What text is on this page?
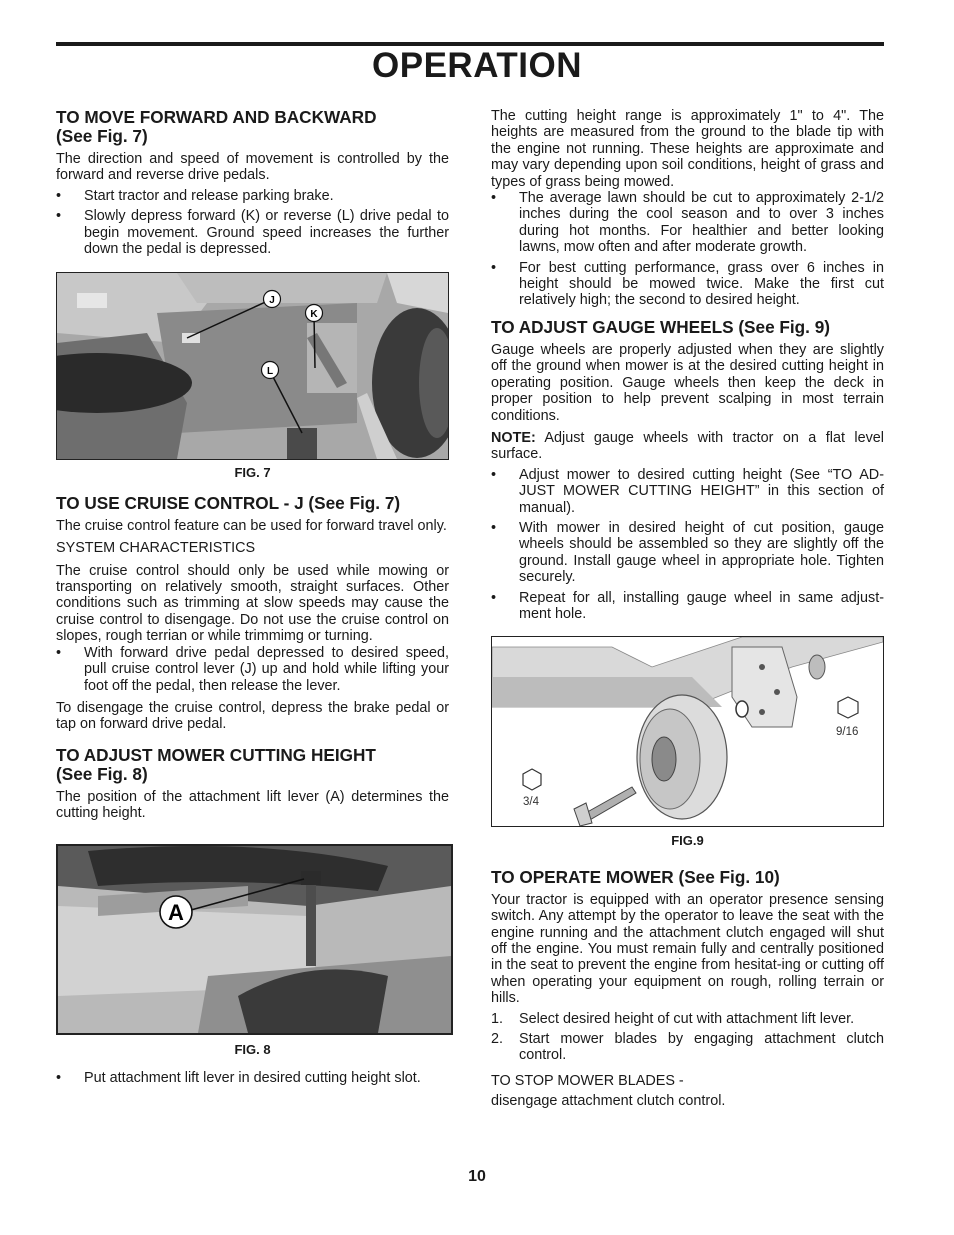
OPERATION
TO MOVE FORWARD AND BACKWARD
(See Fig. 7)

The direction and speed of movement is controlled by the forward and reverse drive pedals.

• Start tractor and release parking brake.
• Slowly depress forward (K) or reverse (L) drive pedal to begin movement. Ground speed increases the further down the pedal is depressed.
J
K
L
FIG. 7
TO USE CRUISE CONTROL - J (See Fig. 7)

The cruise control feature can be used for forward travel only.

SYSTEM CHARACTERISTICS

The cruise control should only be used while mowing or transporting on relatively smooth, straight surfaces. Other conditions such as trimming at slow speeds may cause the cruise control to disengage. Do not use the cruise control on slopes, rough terrian or while trimmimg or turning.

• With forward drive pedal depressed to desired speed, pull cruise control lever (J) up and hold while lifting your foot off the pedal, then release the lever.

To disengage the cruise control, depress the brake pedal or tap on forward drive pedal.

TO ADJUST MOWER CUTTING HEIGHT
(See Fig. 8)

The position of the attachment lift lever (A) determines the cutting height.

A
FIG. 8
• Put attachment lift lever in desired cutting height slot.

The cutting height range is approximately 1" to 4". The heights are measured from the ground to the blade tip with the engine not running. These heights are approximate and may vary depending upon soil conditions, height of grass and types of grass being mowed.

• The average lawn should be cut to approximately 2-1/2 inches during the cool season and to over 3 inches during hot months. For healthier and better looking lawns, mow often and after moderate growth.
• For best cutting performance, grass over 6 inches in height should be mowed twice. Make the first cut relatively high; the second to desired height.
TO ADJUST GAUGE WHEELS (See Fig. 9)

Gauge wheels are properly adjusted when they are slightly off the ground when mower is at the desired cutting height in operating position. Gauge wheels then keep the deck in proper position to help prevent scalping in most terrain conditions.

NOTE: Adjust gauge wheels with tractor on a flat level surface.

• Adjust mower to desired cutting height (See “TO AD-JUST MOWER CUTTING HEIGHT” in this section of manual).
• With mower in desired height of cut position, gauge wheels should be assembled so they are slightly off the ground. Install gauge wheel in appropriate hole. Tighten securely.
• Repeat for all, installing gauge wheel in same adjust-ment hole.
9/16
3/4
FIG.9
TO OPERATE MOWER (See Fig. 10)

Your tractor is equipped with an operator presence sensing switch. Any attempt by the operator to leave the seat with the engine running and the attachment clutch engaged will shut off the engine. You must remain fully and centrally positioned in the seat to prevent the engine from hesitat-ing or cutting off when operating your equipment on rough, rolling terrain or hills.

1. Select desired height of cut with attachment lift lever.
2. Start mower blades by engaging attachment clutch control.

TO STOP MOWER BLADES -

disengage attachment clutch control.

10
